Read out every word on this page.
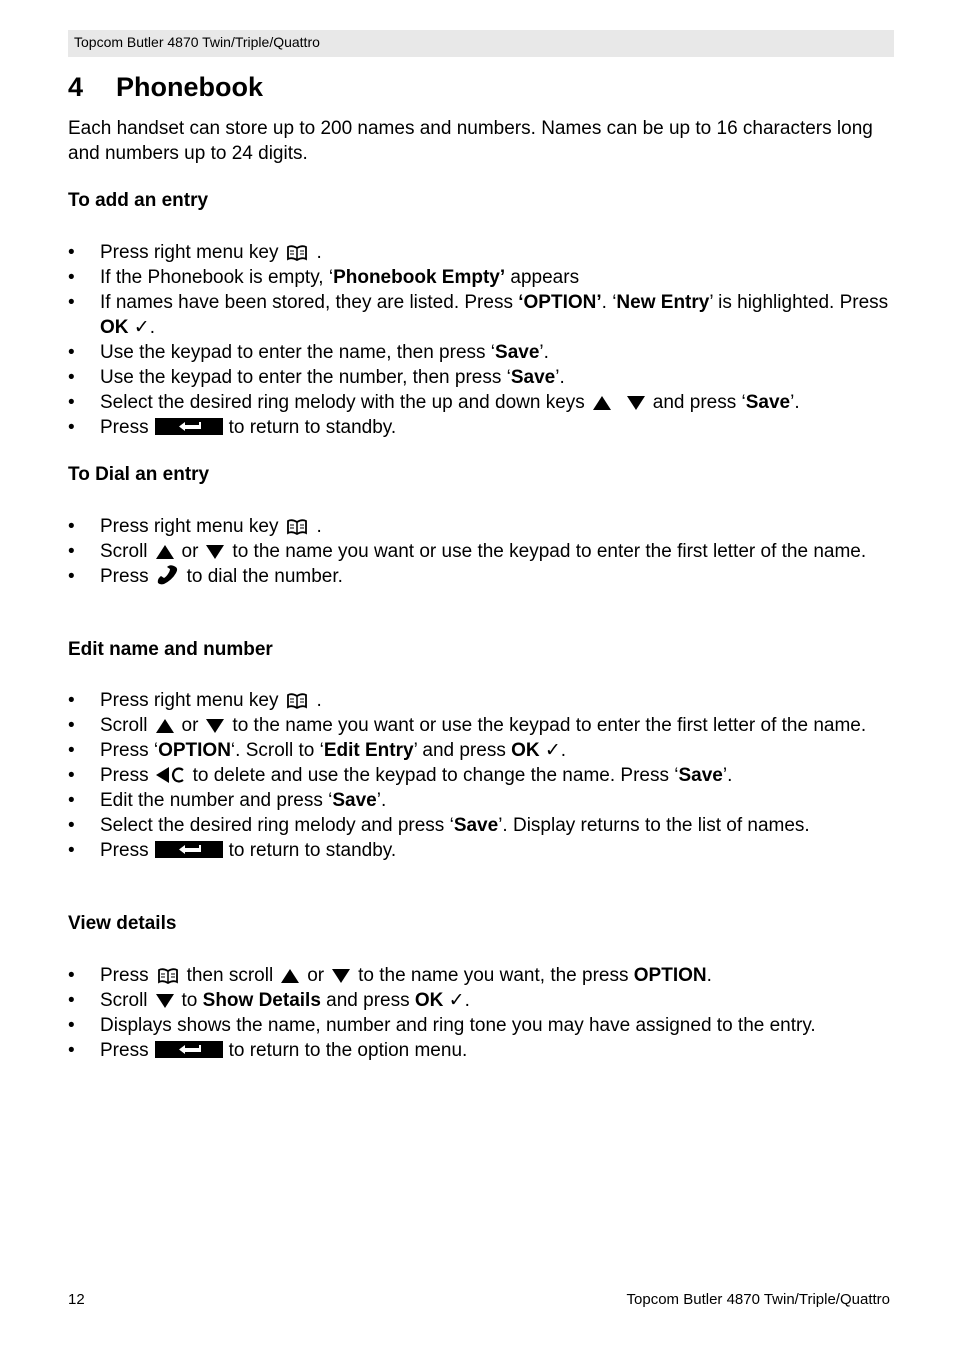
Topcom Butler 4870 Twin/Triple/Quattro
4 Phonebook
Each handset can store up to 200 names and numbers. Names can be up to 16 characters long and numbers up to 24 digits.
To add an entry
• Press right menu key .
• If the Phonebook is empty, ‘Phonebook Empty’ appears
• If names have been stored, they are listed. Press ‘OPTION’. ‘New Entry’ is highlighted. Press OK ✓.
• Use the keypad to enter the name, then press ‘Save’.
• Use the keypad to enter the number, then press ‘Save’.
• Select the desired ring melody with the up and down keys	and press ‘Save’.
• Press	to return to standby.
To Dial an entry
• Press right menu key .
• Scroll or to the name you want or use the keypad to enter the first letter of the name.
• Press to dial the number.
Edit name and number
• Press right menu key .
• Scroll or to the name you want or use the keypad to enter the first letter of the name.
• Press ‘OPTION‘. Scroll to ‘Edit Entry’ and press OK ✓.
• Press to delete and use the keypad to change the name. Press ‘Save’.
• Edit the number and press ‘Save’.
• Select the desired ring melody and press ‘Save’. Display returns to the list of names.
• Press	to return to standby.
View details
• Press then scroll or to the name you want, the press OPTION.
• Scroll to Show Details and press OK ✓.
• Displays shows the name, number and ring tone you may have assigned to the entry.
• Press	to return to the option menu.
12	Topcom Butler 4870 Twin/Triple/Quattro
